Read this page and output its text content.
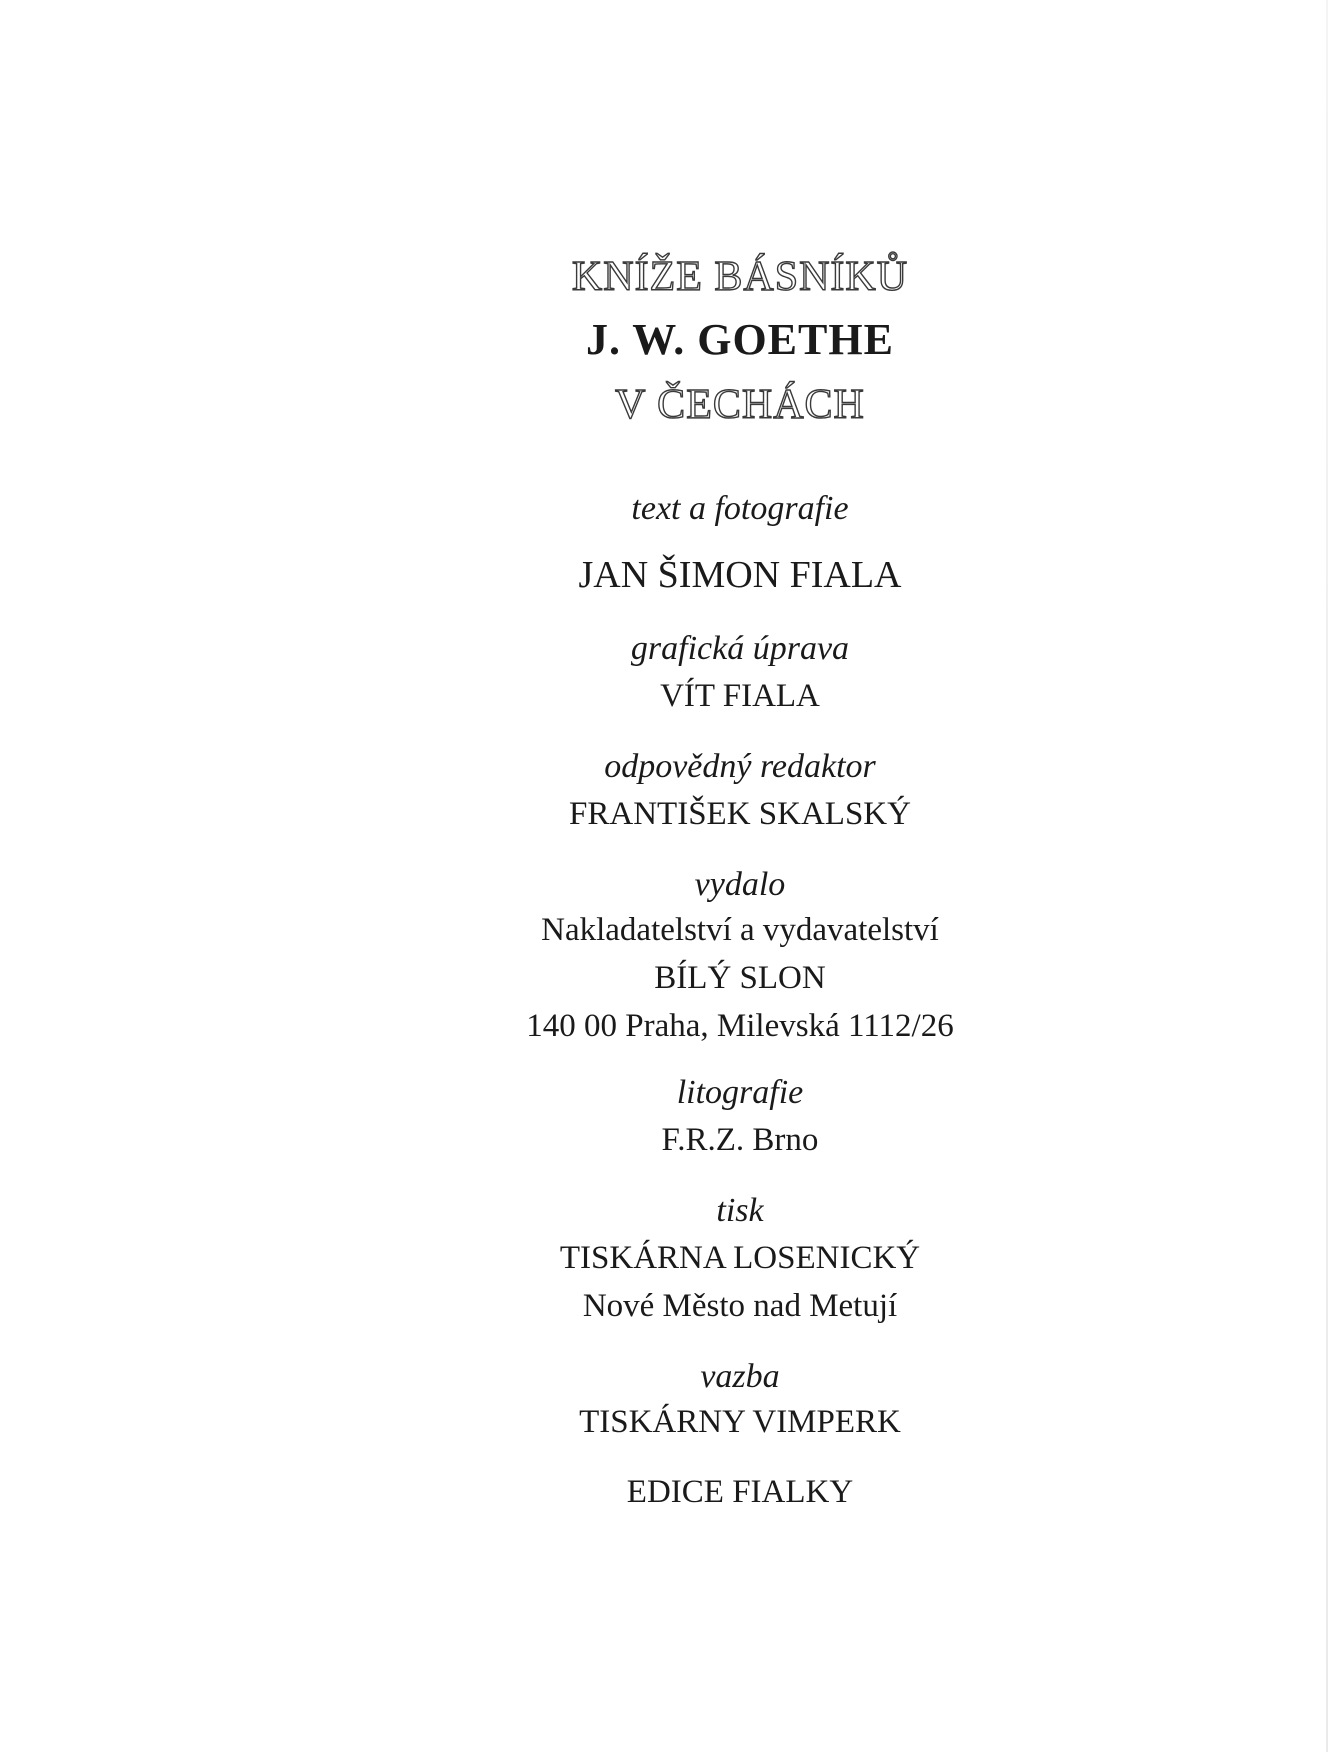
KNÍŽE BÁSNÍKŮ
J. W. GOETHE
V ČECHÁCH
text a fotografie
JAN ŠIMON FIALA
grafická úprava
VÍT FIALA
odpovědný redaktor
FRANTIŠEK SKALSKÝ
vydalo
Nakladatelství a vydavatelství
BÍLÝ SLON
140 00 Praha, Milevská 1112/26
litografie
F.R.Z. Brno
tisk
TISKÁRNA LOSENICKÝ
Nové Město nad Metují
vazba
TISKÁRNY VIMPERK
EDICE FIALKY
